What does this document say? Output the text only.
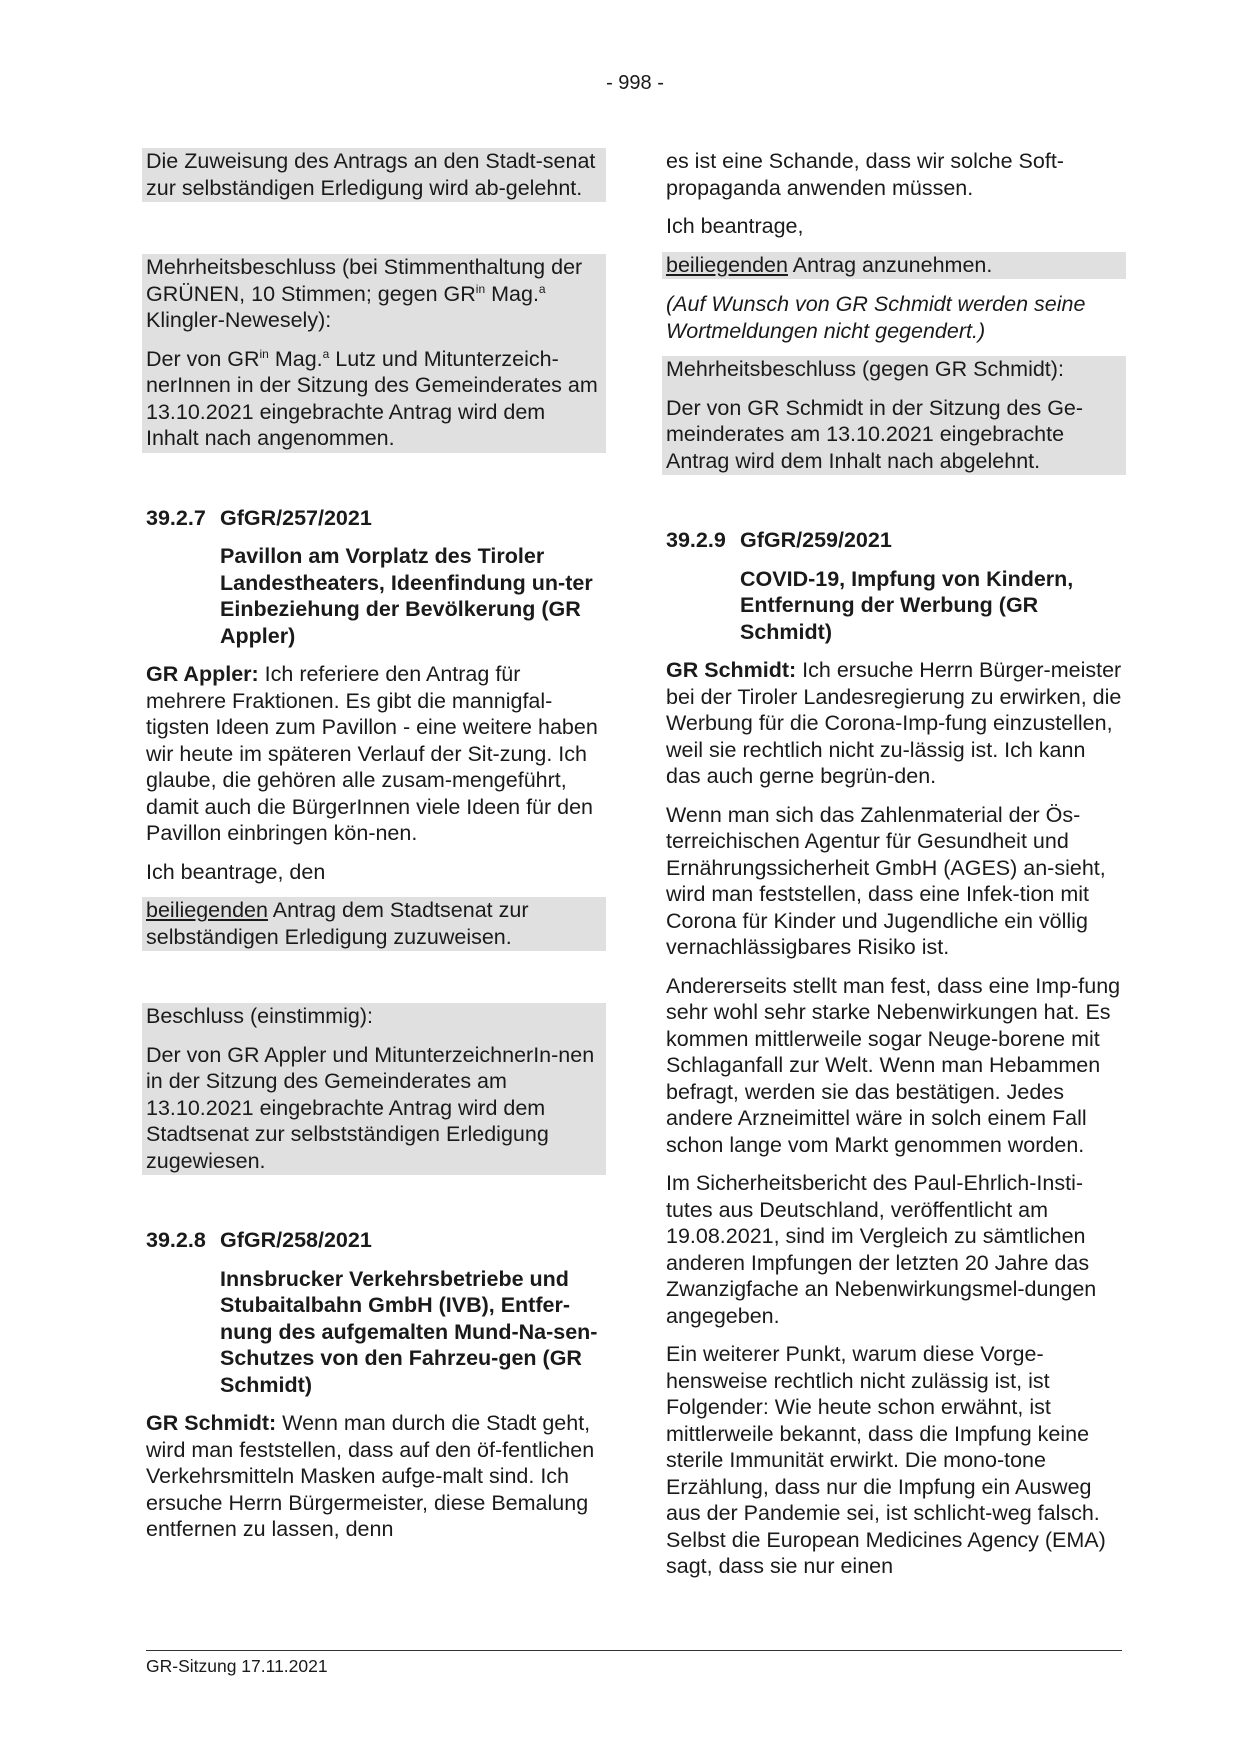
- 998 -

Die Zuweisung des Antrags an den Stadt-senat zur selbständigen Erledigung wird ab-gelehnt.

Mehrheitsbeschluss (bei Stimmenthaltung der GRÜNEN, 10 Stimmen; gegen $GR^{in}$ Mag.$^a$ Klingler-Newesely):

Der von $GR^{in}$ Mag.$^a$ Lutz und Mitunterzeich-nerInnen in der Sitzung des Gemeinderates am 13.10.2021 eingebrachte Antrag wird dem Inhalt nach angenommen.

39.2.7 GfGR/257/2021

Pavillon am Vorplatz des Tiroler Landestheaters, Ideenfindung un-ter Einbeziehung der Bevölkerung (GR Appler)

GR Appler: Ich referiere den Antrag für mehrere Fraktionen. Es gibt die mannigfal-tigsten Ideen zum Pavillon - eine weitere haben wir heute im späteren Verlauf der Sit-zung. Ich glaube, die gehören alle zusam-mengeführt, damit auch die BürgerInnen viele Ideen für den Pavillon einbringen kön-nen.

Ich beantrage, den

beiliegenden Antrag dem Stadtsenat zur selbständigen Erledigung zuzuweisen.

Beschluss (einstimmig):

Der von GR Appler und MitunterzeichnerIn-nen in der Sitzung des Gemeinderates am 13.10.2021 eingebrachte Antrag wird dem Stadtsenat zur selbstständigen Erledigung zugewiesen.

39.2.8 GfGR/258/2021

Innsbrucker Verkehrsbetriebe und Stubaitalbahn GmbH (IVB), Entfer-nung des aufgemalten Mund-Na-sen-Schutzes von den Fahrzeu-gen (GR Schmidt)

GR Schmidt: Wenn man durch die Stadt geht, wird man feststellen, dass auf den öf-fentlichen Verkehrsmitteln Masken aufge-malt sind. Ich ersuche Herrn Bürgermeister, diese Bemalung entfernen zu lassen, denn

es ist eine Schande, dass wir solche Soft-propaganda anwenden müssen.

Ich beantrage,

beiliegenden Antrag anzunehmen.

(Auf Wunsch von GR Schmidt werden seine Wortmeldungen nicht gegendert.)

Mehrheitsbeschluss (gegen GR Schmidt):

Der von GR Schmidt in der Sitzung des Ge-meinderates am 13.10.2021 eingebrachte Antrag wird dem Inhalt nach abgelehnt.

39.2.9 GfGR/259/2021

COVID-19, Impfung von Kindern, Entfernung der Werbung (GR Schmidt)

GR Schmidt: Ich ersuche Herrn Bürger-meister bei der Tiroler Landesregierung zu erwirken, die Werbung für die Corona-Imp-fung einzustellen, weil sie rechtlich nicht zu-lässig ist. Ich kann das auch gerne begrün-den.

Wenn man sich das Zahlenmaterial der Ös-terreichischen Agentur für Gesundheit und Ernährungssicherheit GmbH (AGES) an-sieht, wird man feststellen, dass eine Infek-tion mit Corona für Kinder und Jugendliche ein völlig vernachlässigbares Risiko ist.

Andererseits stellt man fest, dass eine Imp-fung sehr wohl sehr starke Nebenwirkungen hat. Es kommen mittlerweile sogar Neuge-borene mit Schlaganfall zur Welt. Wenn man Hebammen befragt, werden sie das bestätigen. Jedes andere Arzneimittel wäre in solch einem Fall schon lange vom Markt genommen worden.

Im Sicherheitsbericht des Paul-Ehrlich-Insti-tutes aus Deutschland, veröffentlicht am 19.08.2021, sind im Vergleich zu sämtlichen anderen Impfungen der letzten 20 Jahre das Zwanzigfache an Nebenwirkungsmel-dungen angegeben.

Ein weiterer Punkt, warum diese Vorge-hensweise rechtlich nicht zulässig ist, ist Folgender: Wie heute schon erwähnt, ist mittlerweile bekannt, dass die Impfung keine sterile Immunität erwirkt. Die mono-tone Erzählung, dass nur die Impfung ein Ausweg aus der Pandemie sei, ist schlicht-weg falsch. Selbst die European Medicines Agency (EMA) sagt, dass sie nur einen

GR-Sitzung 17.11.2021
